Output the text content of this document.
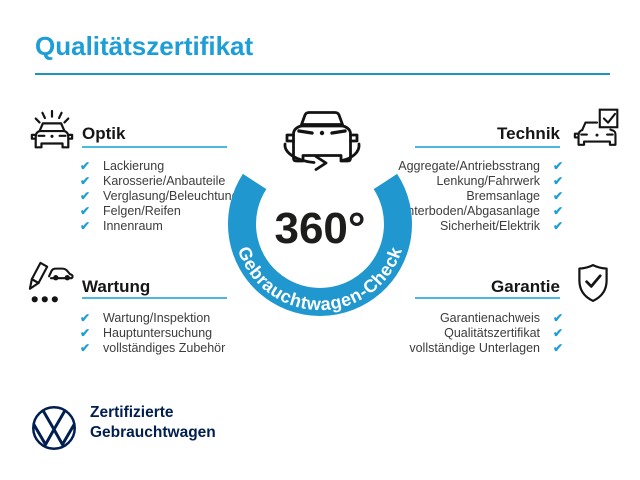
Qualitätszertifikat
Optik
✔ Lackierung
✔ Karosserie/Anbauteile
✔ Verglasung/Beleuchtung
✔ Felgen/Reifen
✔ Innenraum
Technik
✔
Aggregate/Antriebsstrang
✔
Lenkung/Fahrwerk
✔
Bremsanlage
✔
Unterboden/Abgasanlage
✔
Sicherheit/Elektrik
Gebrauchtwagen-Check
360°
Wartung
✔ Wartung/Inspektion
✔ Hauptuntersuchung
✔ vollständiges Zubehör
Garantie
✔
Garantienachweis
✔
Qualitätszertifikat
✔
vollständige Unterlagen
Zertifizierte
Gebrauchtwagen
